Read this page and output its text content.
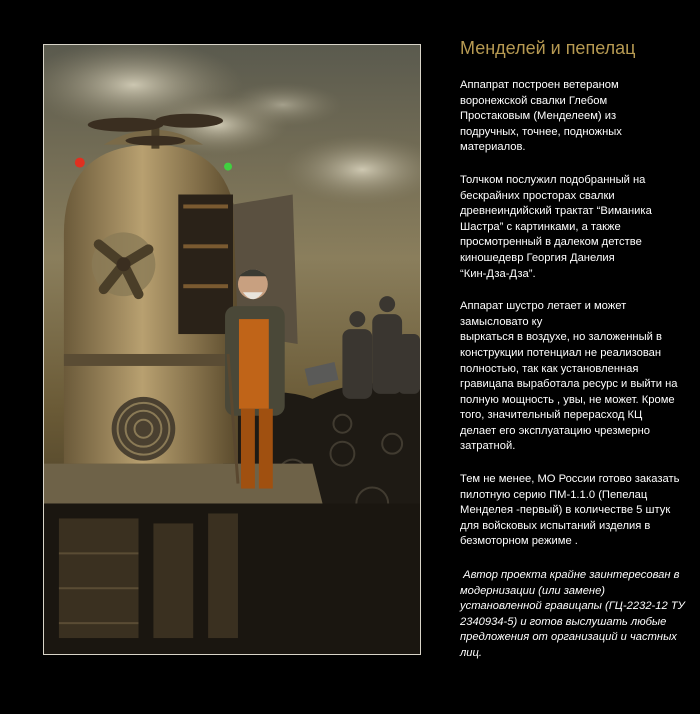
Менделей и пепелац
Аппапрат построен ветераном
воронежской свалки Глебом
Простаковым (Менделеем) из
подручных, точнее, подножных
материалов.
Толчком послужил подобранный на
бескрайних просторах свалки
древнеиндийский трактат “Виманика
Шастра” с картинками, а также
просмотренный в далеком детстве
киношедевр Георгия Данелия
“Кин-Дза-Дза”.
Аппарат шустро летает и может
замысловато ку
выркаться в воздухе, но заложенный в
конструкции потенциал не реализован
полностью, так как установленная
гравицапа выработала ресурс и выйти на
полную мощность , увы, не может. Кроме
того, значительный перерасход КЦ
делает его эксплуатацию чрезмерно
затратной.
Тем не менее, МО России готово заказать
пилотную серию ПМ-1.1.0 (Пепелац
Менделея -первый) в количестве 5 штук
для войсковых испытаний изделия в
безмоторном режиме .
Автор проекта крайне заинтересован в
модернизации (или замене)
установленной гравицапы (ГЦ-2232-12 ТУ
2340934-5) и готов выслушать любые
предложения от организаций и частных
лиц.
